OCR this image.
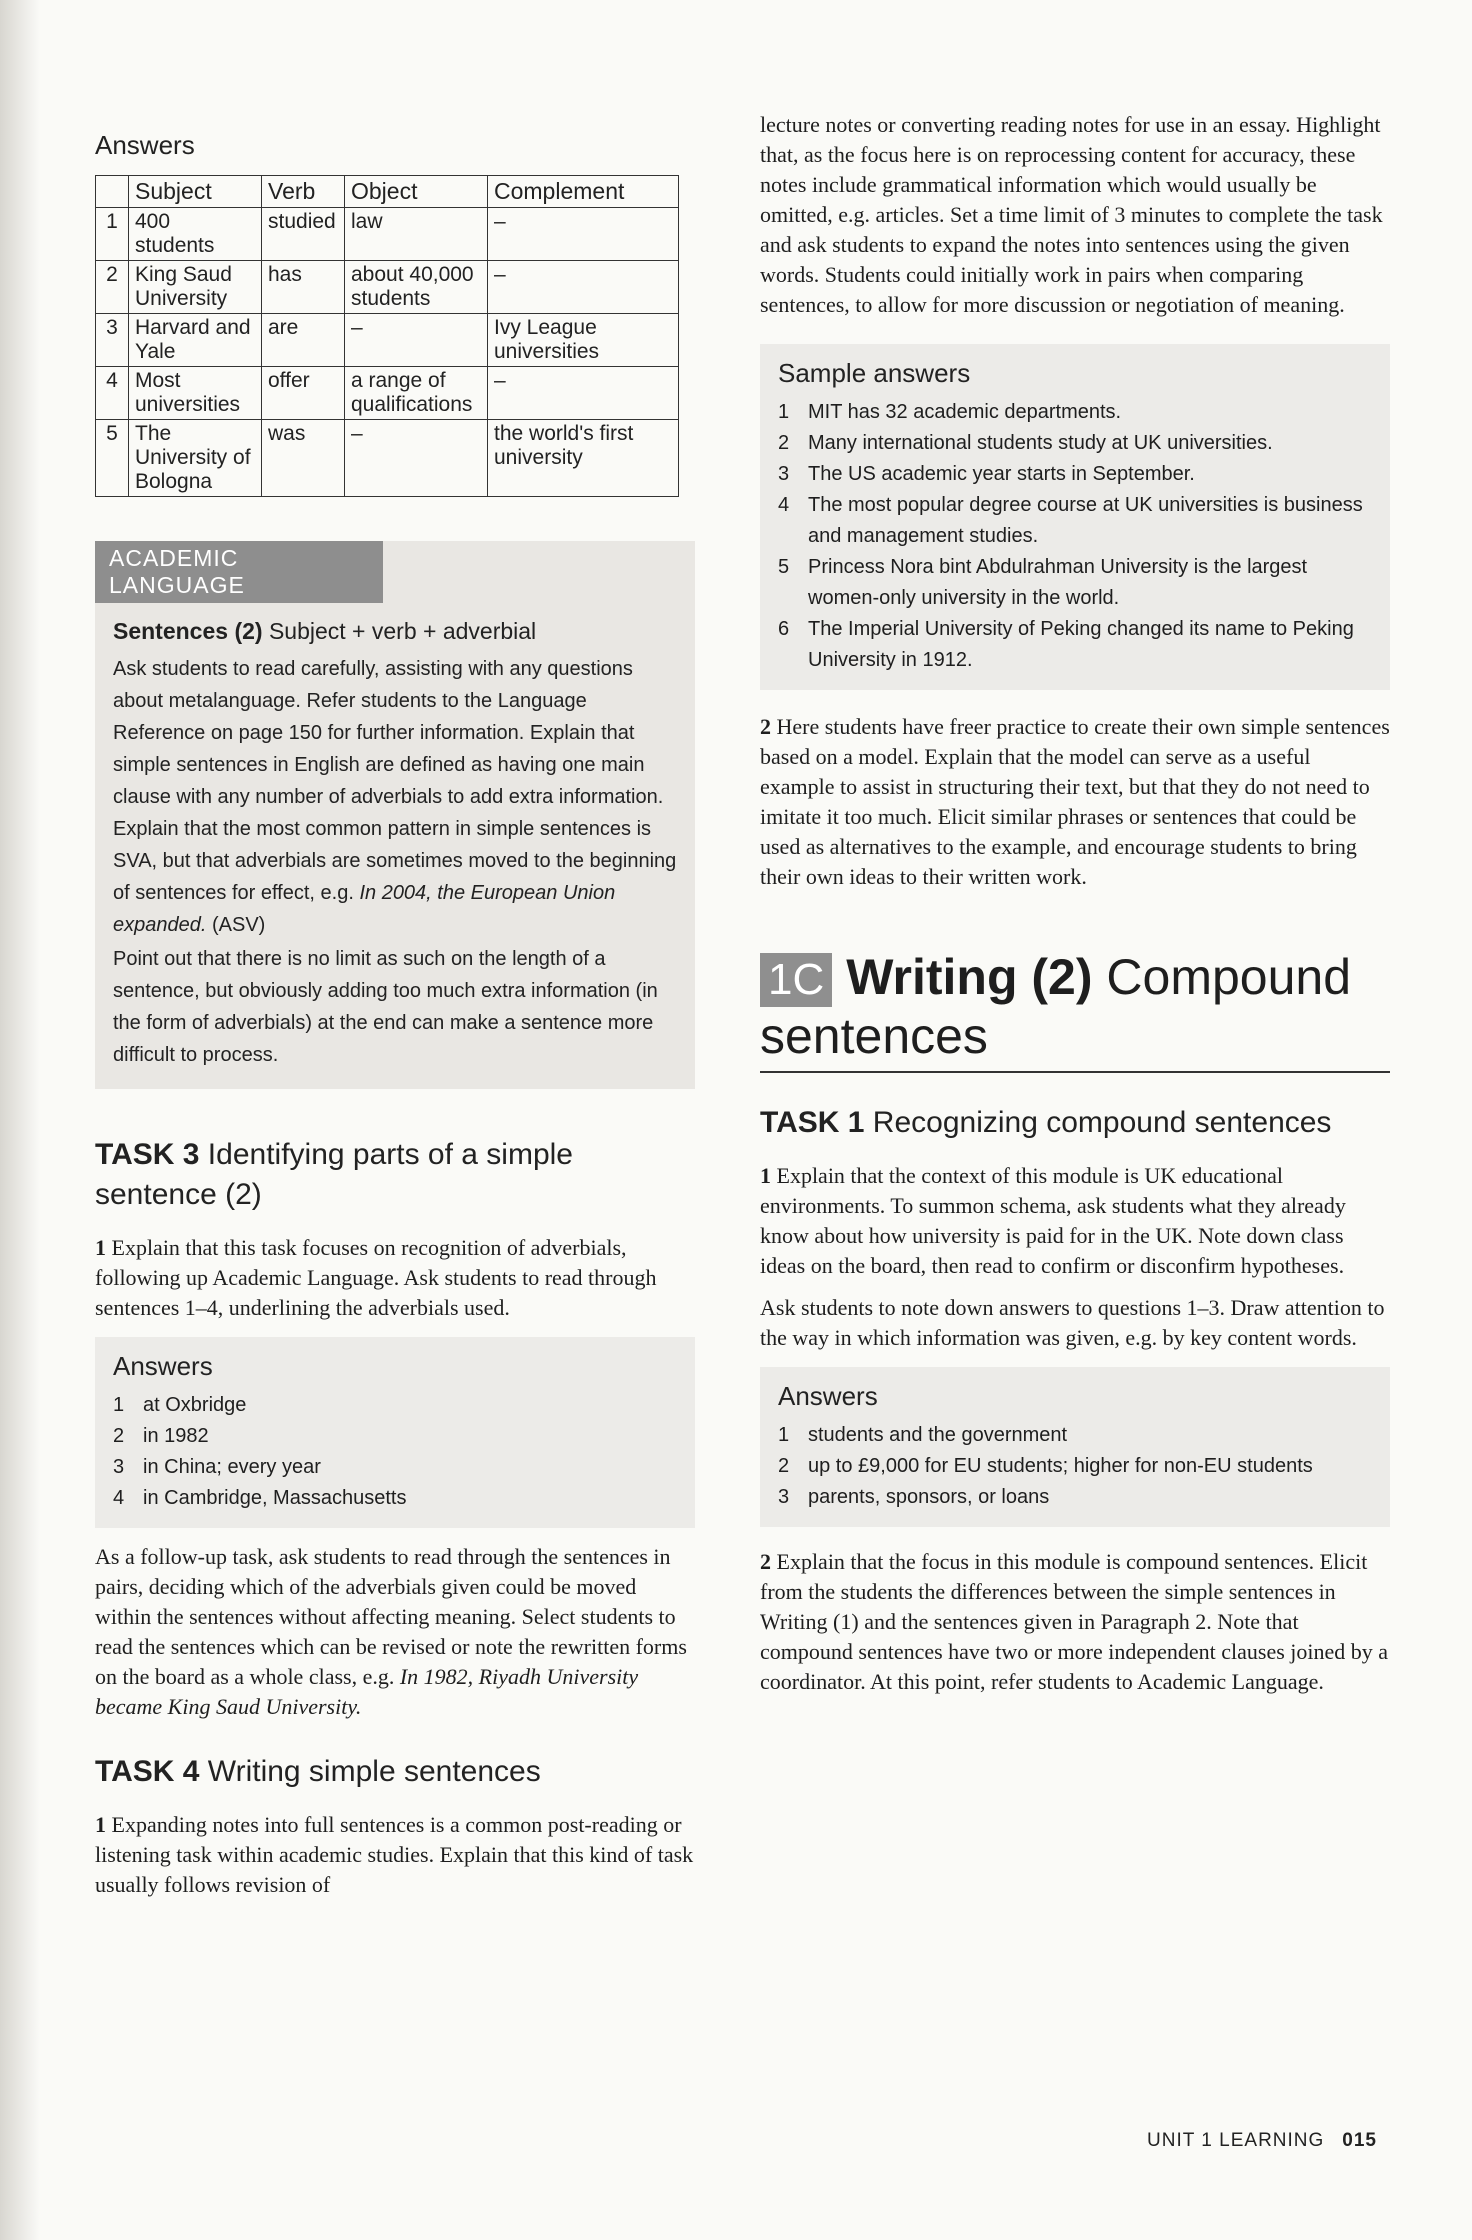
Answers
	Subject	Verb	Object	Complement
1	400 students	studied	law	–
2	King Saud University	has	about 40,000 students	–
3	Harvard and Yale	are	–	Ivy League universities
4	Most universities	offer	a range of qualifications	–
5	The University of Bologna	was	–	the world's first university
ACADEMIC LANGUAGE
Sentences (2) Subject + verb + adverbial

Ask students to read carefully, assisting with any questions about metalanguage. Refer students to the Language Reference on page 150 for further information. Explain that simple sentences in English are defined as having one main clause with any number of adverbials to add extra information. Explain that the most common pattern in simple sentences is SVA, but that adverbials are sometimes moved to the beginning of sentences for effect, e.g. In 2004, the European Union expanded. (ASV)

Point out that there is no limit as such on the length of a sentence, but obviously adding too much extra information (in the form of adverbials) at the end can make a sentence more difficult to process.

TASK 3 Identifying parts of a simple sentence (2)

1 Explain that this task focuses on recognition of adverbials, following up Academic Language. Ask students to read through sentences 1–4, underlining the adverbials used.

Answers
1 at Oxbridge
2 in 1982
3 in China; every year
4 in Cambridge, Massachusetts

As a follow-up task, ask students to read through the sentences in pairs, deciding which of the adverbials given could be moved within the sentences without affecting meaning. Select students to read the sentences which can be revised or note the rewritten forms on the board as a whole class, e.g. In 1982, Riyadh University became King Saud University.

TASK 4 Writing simple sentences

1 Expanding notes into full sentences is a common post-reading or listening task within academic studies. Explain that this kind of task usually follows revision of

lecture notes or converting reading notes for use in an essay. Highlight that, as the focus here is on reprocessing content for accuracy, these notes include grammatical information which would usually be omitted, e.g. articles. Set a time limit of 3 minutes to complete the task and ask students to expand the notes into sentences using the given words. Students could initially work in pairs when comparing sentences, to allow for more discussion or negotiation of meaning.

Sample answers
1 MIT has 32 academic departments.
2 Many international students study at UK universities.
3 The US academic year starts in September.
4 The most popular degree course at UK universities is business and management studies.
5 Princess Nora bint Abdulrahman University is the largest women-only university in the world.
6 The Imperial University of Peking changed its name to Peking University in 1912.

2 Here students have freer practice to create their own simple sentences based on a model. Explain that the model can serve as a useful example to assist in structuring their text, but that they do not need to imitate it too much. Elicit similar phrases or sentences that could be used as alternatives to the example, and encourage students to bring their own ideas to their written work.

1C Writing (2) Compound sentences
TASK 1 Recognizing compound sentences

1 Explain that the context of this module is UK educational environments. To summon schema, ask students what they already know about how university is paid for in the UK. Note down class ideas on the board, then read to confirm or disconfirm hypotheses.

Ask students to note down answers to questions 1–3. Draw attention to the way in which information was given, e.g. by key content words.

Answers
1 students and the government
2 up to £9,000 for EU students; higher for non-EU students
3 parents, sponsors, or loans

2 Explain that the focus in this module is compound sentences. Elicit from the students the differences between the simple sentences in Writing (1) and the sentences given in Paragraph 2. Note that compound sentences have two or more independent clauses joined by a coordinator. At this point, refer students to Academic Language.

UNIT 1 LEARNING 015
